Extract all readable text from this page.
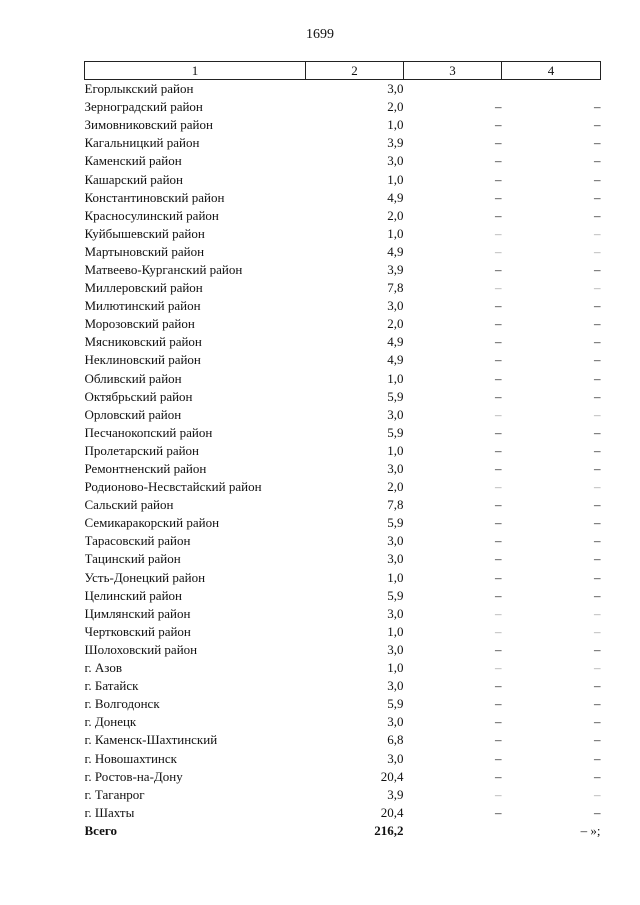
1699
1	2	3	4
Егорлыкский район	3,0		
Зерноградский район	2,0	–	–
Зимовниковский район	1,0	–	–
Кагальницкий район	3,9	–	–
Каменский район	3,0	–	–
Кашарский район	1,0	–	–
Константиновский район	4,9	–	–
Красносулинский район	2,0	–	–
Куйбышевский район	1,0	–	–
Мартыновский район	4,9	–	–
Матвеево-Курганский район	3,9	–	–
Миллеровский район	7,8	–	–
Милютинский район	3,0	–	–
Морозовский район	2,0	–	–
Мясниковский район	4,9	–	–
Неклиновский район	4,9	–	–
Обливский район	1,0	–	–
Октябрьский район	5,9	–	–
Орловский район	3,0	–	–
Песчанокопский район	5,9	–	–
Пролетарский район	1,0	–	–
Ремонтненский район	3,0	–	–
Родионово-Несвстайский район	2,0	–	–
Сальский район	7,8	–	–
Семикаракорский район	5,9	–	–
Тарасовский район	3,0	–	–
Тацинский район	3,0	–	–
Усть-Донецкий район	1,0	–	–
Целинский район	5,9	–	–
Цимлянский район	3,0	–	–
Чертковский район	1,0	–	–
Шолоховский район	3,0	–	–
г. Азов	1,0	–	–
г. Батайск	3,0	–	–
г. Волгодонск	5,9	–	–
г. Донецк	3,0	–	–
г. Каменск-Шахтинский	6,8	–	–
г. Новошахтинск	3,0	–	–
г. Ростов-на-Дону	20,4	–	–
г. Таганрог	3,9	–	–
г. Шахты	20,4	–	–
Всего	216,2		– »;
